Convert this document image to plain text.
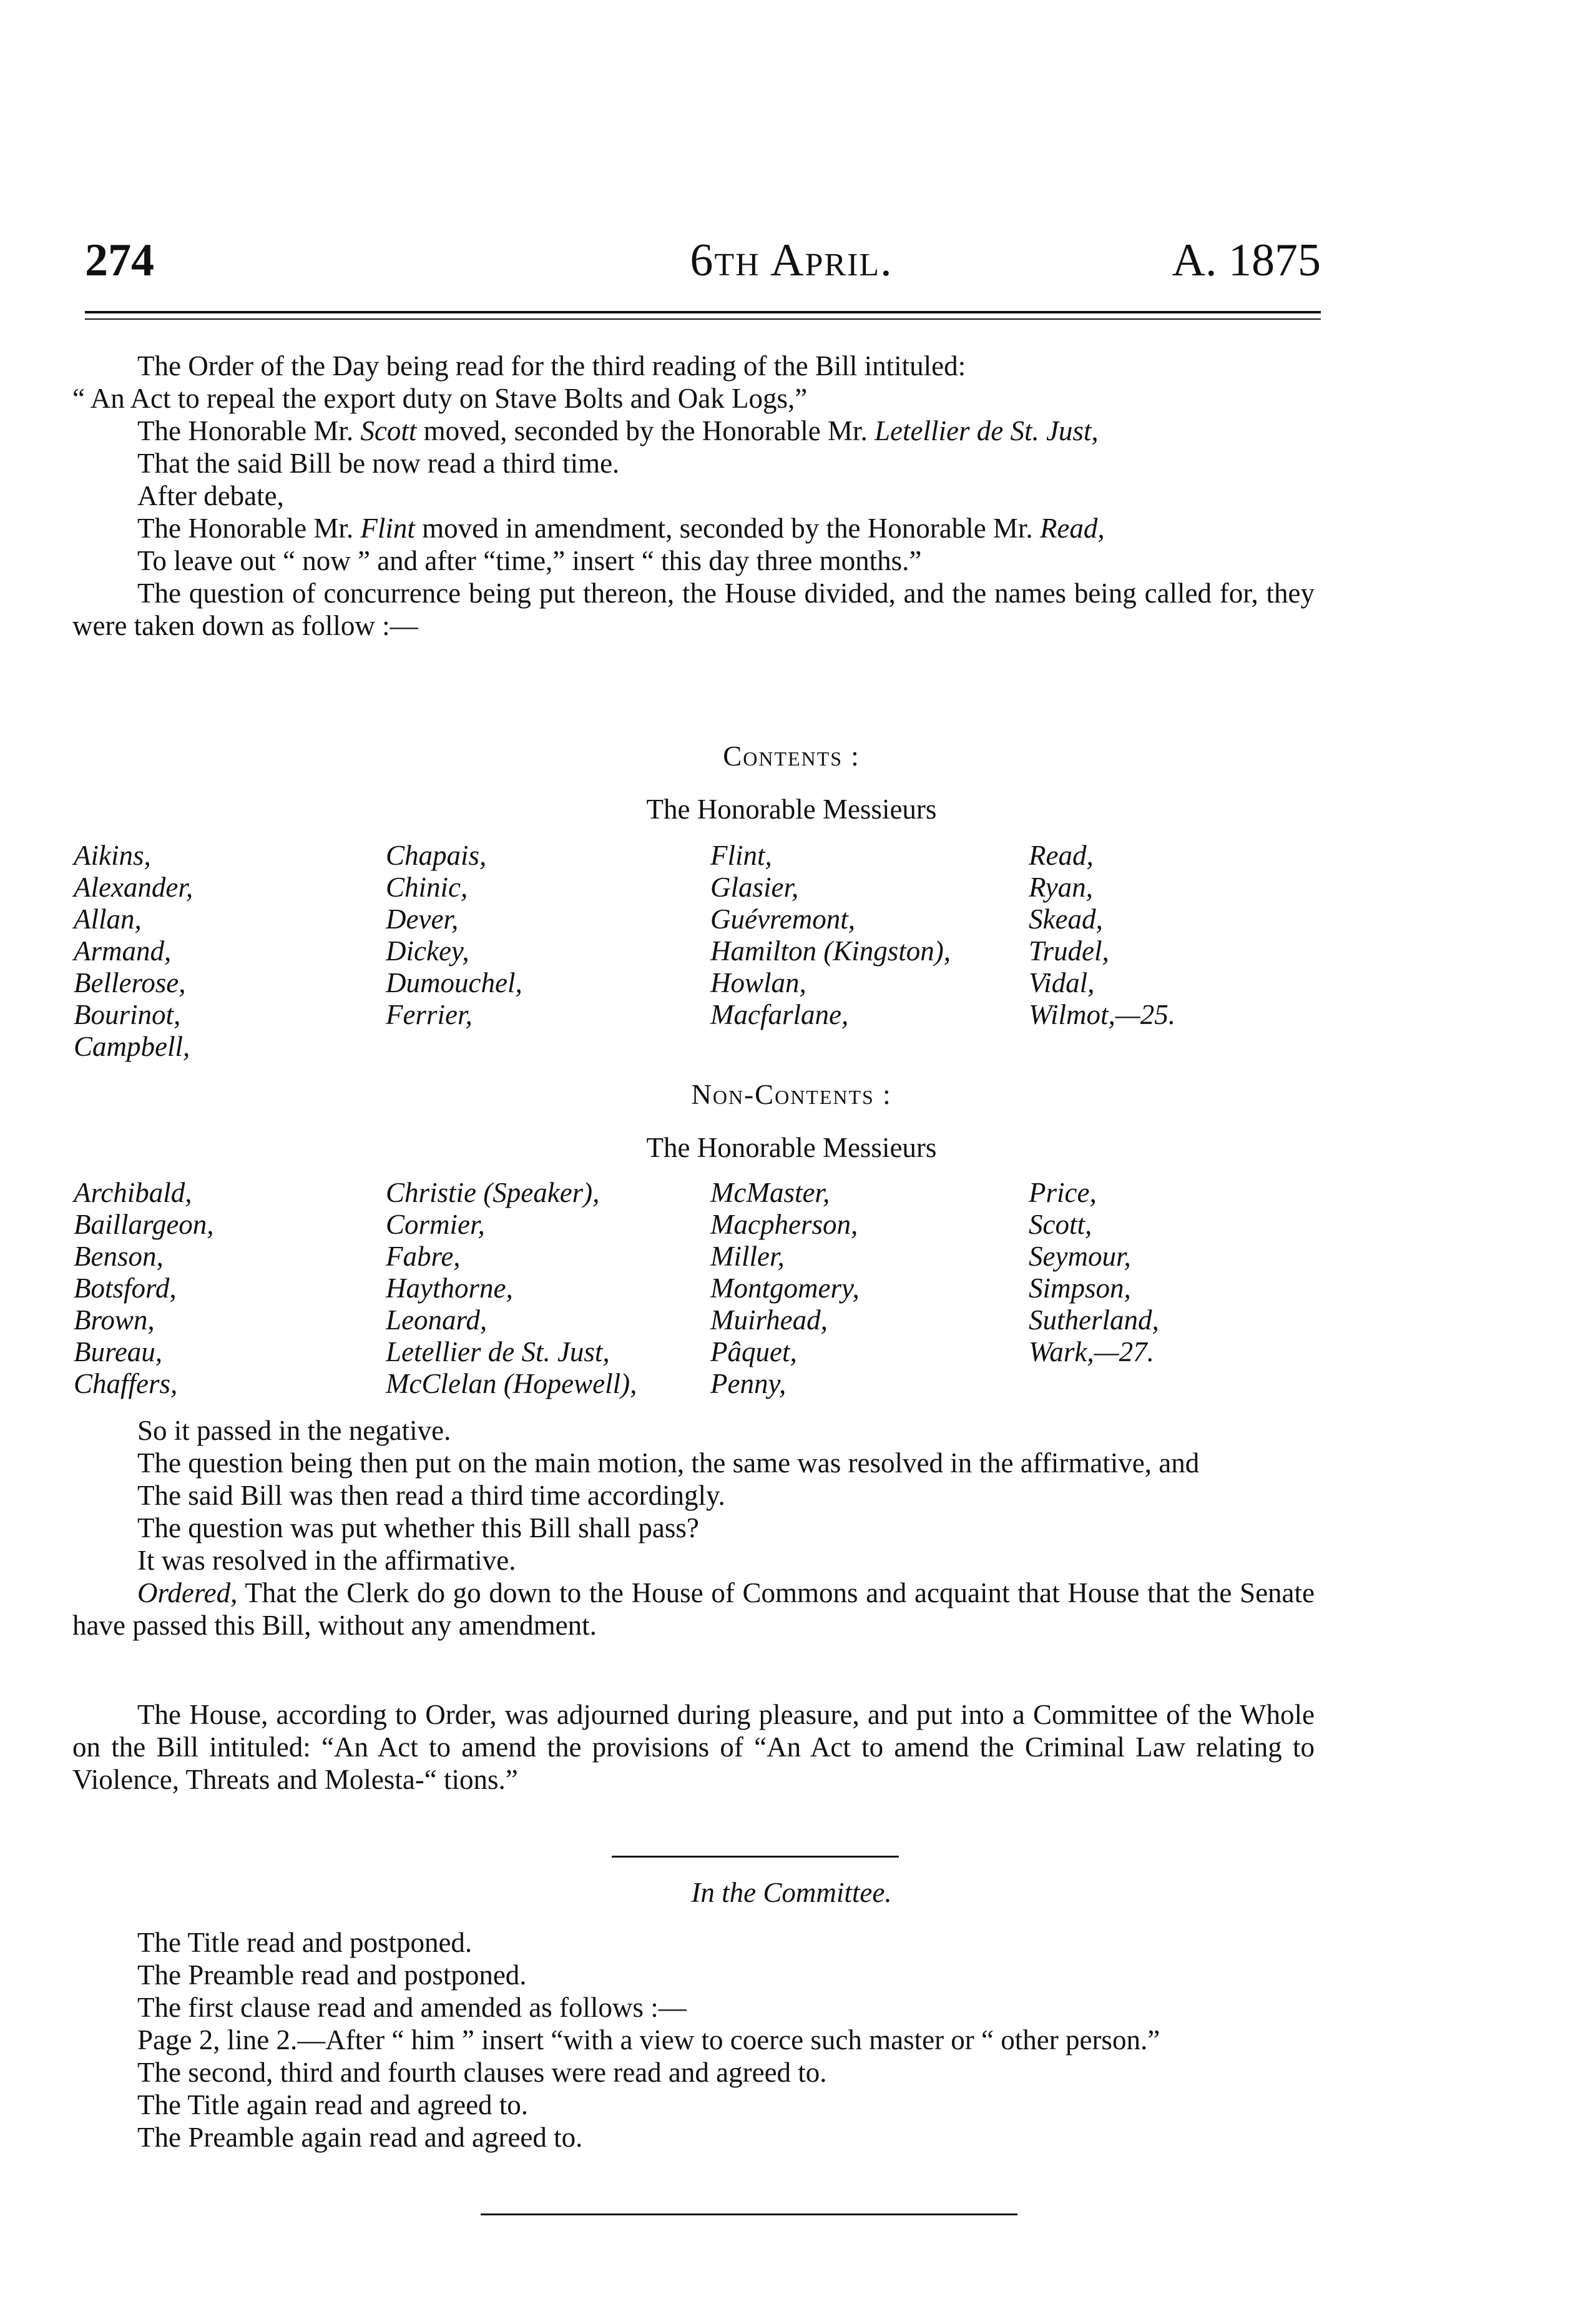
274	6th April.	A. 1875

The Order of the Day being read for the third reading of the Bill intituled:
“ An Act to repeal the export duty on Stave Bolts and Oak Logs,”

The Honorable Mr. Scott moved, seconded by the Honorable Mr. Letellier de St. Just,

That the said Bill be now read a third time.

After debate,

The Honorable Mr. Flint moved in amendment, seconded by the Honorable Mr. Read,

To leave out “ now ” and after “time,” insert “ this day three months.”

The question of concurrence being put thereon, the House divided, and the names being called for, they were taken down as follow :—

Contents :
The Honorable Messieurs
Aikins,	Chapais,	Flint,	Read,
Alexander,	Chinic,	Glasier,	Ryan,
Allan,	Dever,	Guévremont,	Skead,
Armand,	Dickey,	Hamilton (Kingston),	Trudel,
Bellerose,	Dumouchel,	Howlan,	Vidal,
Bourinot,	Ferrier,	Macfarlane,	Wilmot,—25.
Campbell,
Non-Contents :
The Honorable Messieurs
Archibald,	Christie (Speaker),	McMaster,	Price,
Baillargeon,	Cormier,	Macpherson,	Scott,
Benson,	Fabre,	Miller,	Seymour,
Botsford,	Haythorne,	Montgomery,	Simpson,
Brown,	Leonard,	Muirhead,	Sutherland,
Bureau,	Letellier de St. Just,	Pâquet,	Wark,—27.
Chaffers,	McClelan (Hopewell),	Penny,

So it passed in the negative.

The question being then put on the main motion, the same was resolved in the affirmative, and

The said Bill was then read a third time accordingly.

The question was put whether this Bill shall pass?

It was resolved in the affirmative.

Ordered, That the Clerk do go down to the House of Commons and acquaint that House that the Senate have passed this Bill, without any amendment.

The House, according to Order, was adjourned during pleasure, and put into a Committee of the Whole on the Bill intituled: “An Act to amend the provisions of “An Act to amend the Criminal Law relating to Violence, Threats and Molesta-“ tions.”

In the Committee.

The Title read and postponed.

The Preamble read and postponed.

The first clause read and amended as follows :—

Page 2, line 2.—After “ him ” insert “with a view to coerce such master or “ other person.”

The second, third and fourth clauses were read and agreed to.

The Title again read and agreed to.

The Preamble again read and agreed to.
